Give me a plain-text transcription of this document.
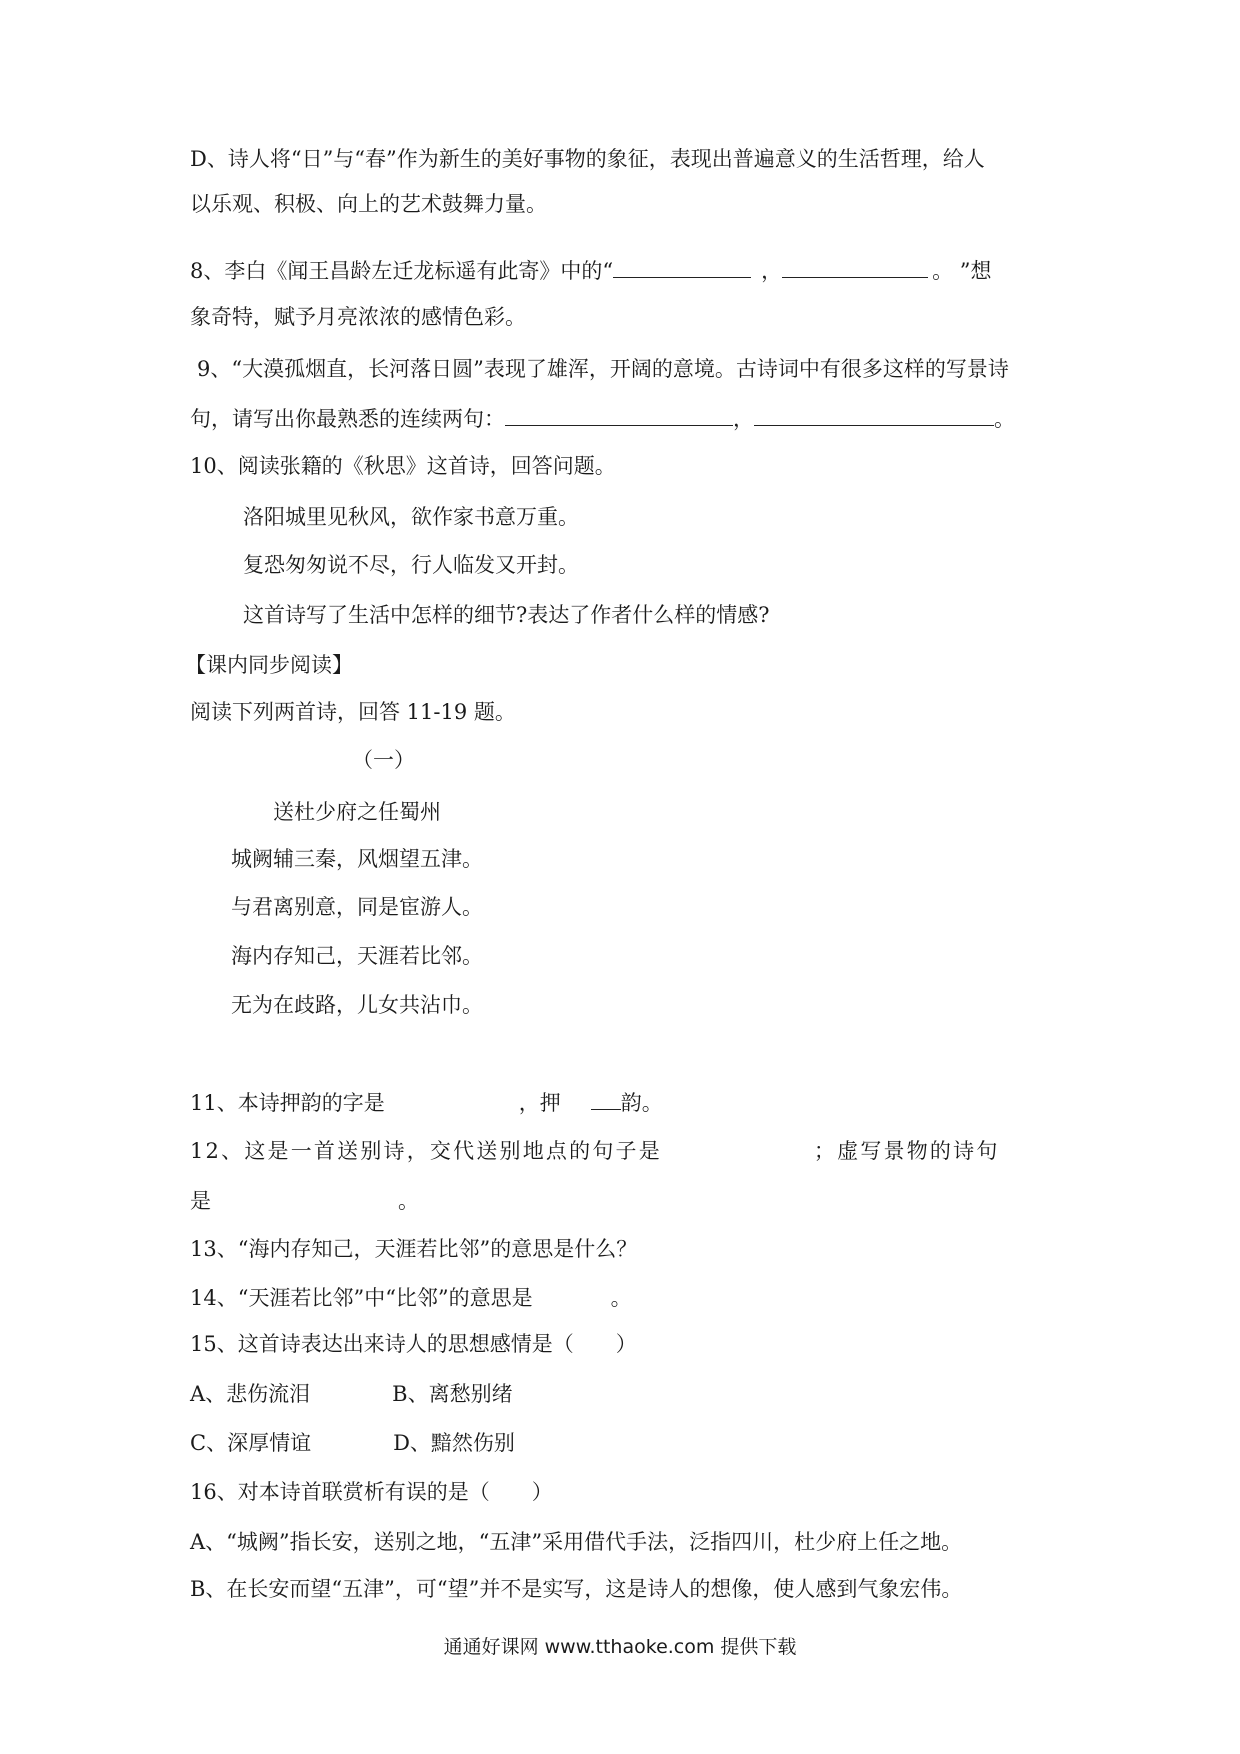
D、诗人将“日”与“春”作为新生的美好事物的象征，表现出普遍意义的生活哲理，给人
以乐观、积极、向上的艺术鼓舞力量。
8、李白《闻王昌龄左迁龙标遥有此寄》中的“	，	。 ”想
象奇特，赋予月亮浓浓的感情色彩。
9、“大漠孤烟直，长河落日圆”表现了雄浑，开阔的意境。古诗词中有很多这样的写景诗
句，请写出你最熟悉的连续两句：	，	。
10、阅读张籍的《秋思》这首诗，回答问题。
洛阳城里见秋风，欲作家书意万重。
复恐匆匆说不尽，行人临发又开封。
这首诗写了生活中怎样的细节?表达了作者什么样的情感?
【课内同步阅读】
阅读下列两首诗，回答 11-19 题。
（一）
送杜少府之任蜀州
城阙辅三秦，风烟望五津。
与君离别意，同是宦游人。
海内存知己，天涯若比邻。
无为在歧路，儿女共沾巾。
11、本诗押韵的字是	，押	韵。
12、这是一首送别诗，交代送别地点的句子是	；虚写景物的诗句
是	。
13、“海内存知己，天涯若比邻”的意思是什么？
14、“天涯若比邻”中“比邻”的意思是	。
15、这首诗表达出来诗人的思想感情是（　　）
A、悲伤流泪	B、离愁别绪
C、深厚情谊	D、黯然伤别
16、对本诗首联赏析有误的是（　　）
A、“城阙”指长安，送别之地，“五津”采用借代手法，泛指四川，杜少府上任之地。
B、在长安而望“五津”，可“望”并不是实写，这是诗人的想像，使人感到气象宏伟。
通通好课网 www.tthaoke.com 提供下载
